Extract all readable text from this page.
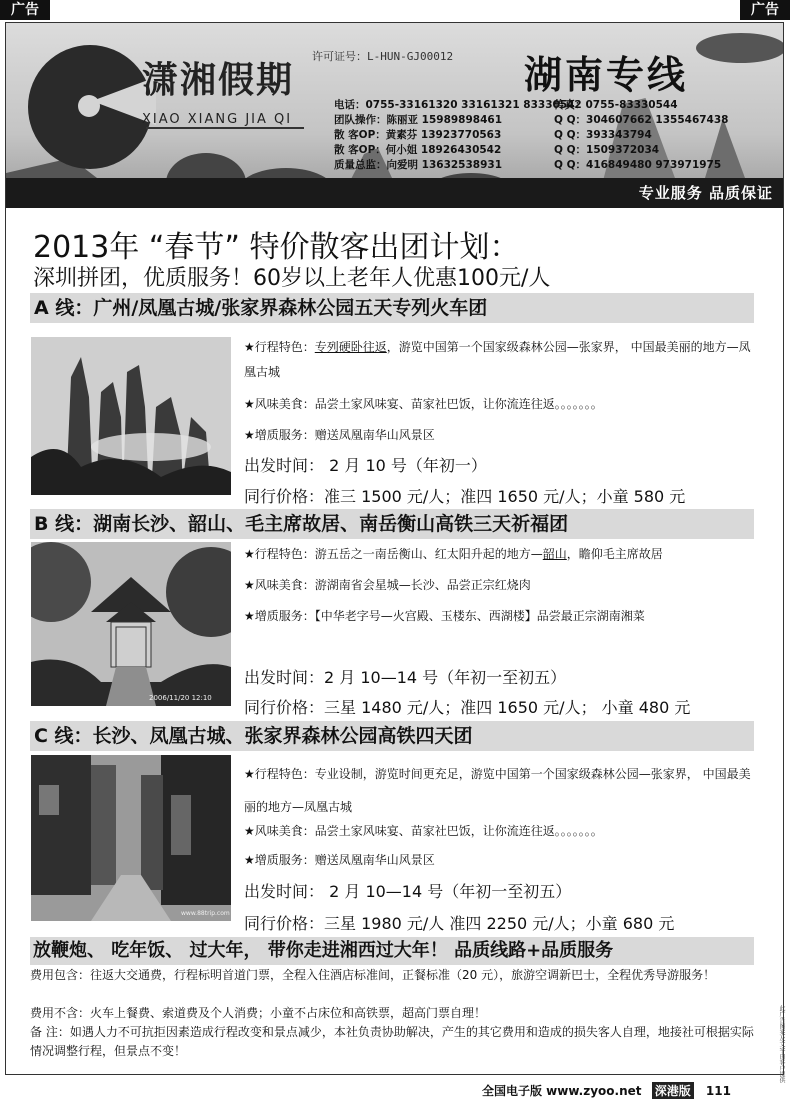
广告	广告
潇湘假期
XIAO XIANG JIA QI
许可证号：L-HUN-GJ00012 湖南专线
电话：0755-33161320 33161321 83330542
传真：0755-83330544
团队操作：陈丽亚 15989898461	Q Q：304607662 1355467438
散 客OP：黄素芬 13923770563	Q Q：393343794
散 客OP：何小姐 18926430542	Q Q：1509372034
质量总监：向爱明 13632538931	Q Q：416849480 973971975
专业服务 品质保证
2013年 “春节” 特价散客出团计划：
深圳拼团，优质服务！60岁以上老年人优惠100元/人
A 线：广州/凤凰古城/张家界森林公园五天专列火车团
★行程特色：专列硬卧往返，游览中国第一个国家级森林公园—张家界， 中国最美丽的地方—凤凰古城
★风味美食：品尝土家风味宴、苗家社巴饭，让你流连往返。。。。。。。
★增质服务：赠送凤凰南华山风景区
出发时间： 2 月 10 号（年初一）
同行价格：准三 1500 元/人；准四 1650 元/人；小童 580 元
B 线：湖南长沙、韶山、毛主席故居、南岳衡山高铁三天祈福团
2006/11/20 12:10
★行程特色：游五岳之一南岳衡山、红太阳升起的地方—韶山，瞻仰毛主席故居
★风味美食：游湖南省会星城—长沙、品尝正宗红烧肉
★增质服务：【中华老字号—火宫殿、玉楼东、西湖楼】品尝最正宗湖南湘菜
出发时间：2 月 10—14 号（年初一至初五）
同行价格：三星 1480 元/人；准四 1650 元/人； 小童 480 元
C 线：长沙、凤凰古城、张家界森林公园高铁四天团
www.88trip.com
★行程特色：专业设制，游览时间更充足，游览中国第一个国家级森林公园—张家界， 中国最美丽的地方—凤凰古城
★风味美食：品尝土家风味宴、苗家社巴饭，让你流连往返。。。。。。。
★增质服务：赠送凤凰南华山风景区
出发时间： 2 月 10—14 号（年初一至初五）
同行价格：三星 1980 元/人 准四 2250 元/人；小童 680 元
放鞭炮、 吃年饭、 过大年， 带你走进湘西过大年！ 品质线路+品质服务
费用包含：往返大交通费，行程标明首道门票，全程入住酒店标准间，正餐标准（20 元），旅游空调新巴士，全程优秀导游服务！
费用不含：火车上餐费、索道费及个人消费；小童不占床位和高铁票，超高门票自理！
备 注：如遇人力不可抗拒因素造成行程改变和景点减少，本社负责协助解决，产生的其它费用和造成的损失客人自理，地接社可根据实际情况调整行程，但景点不变！
全国电子版 www.zyoo.net 深港版 111
此广告图案及文字由客户提供
